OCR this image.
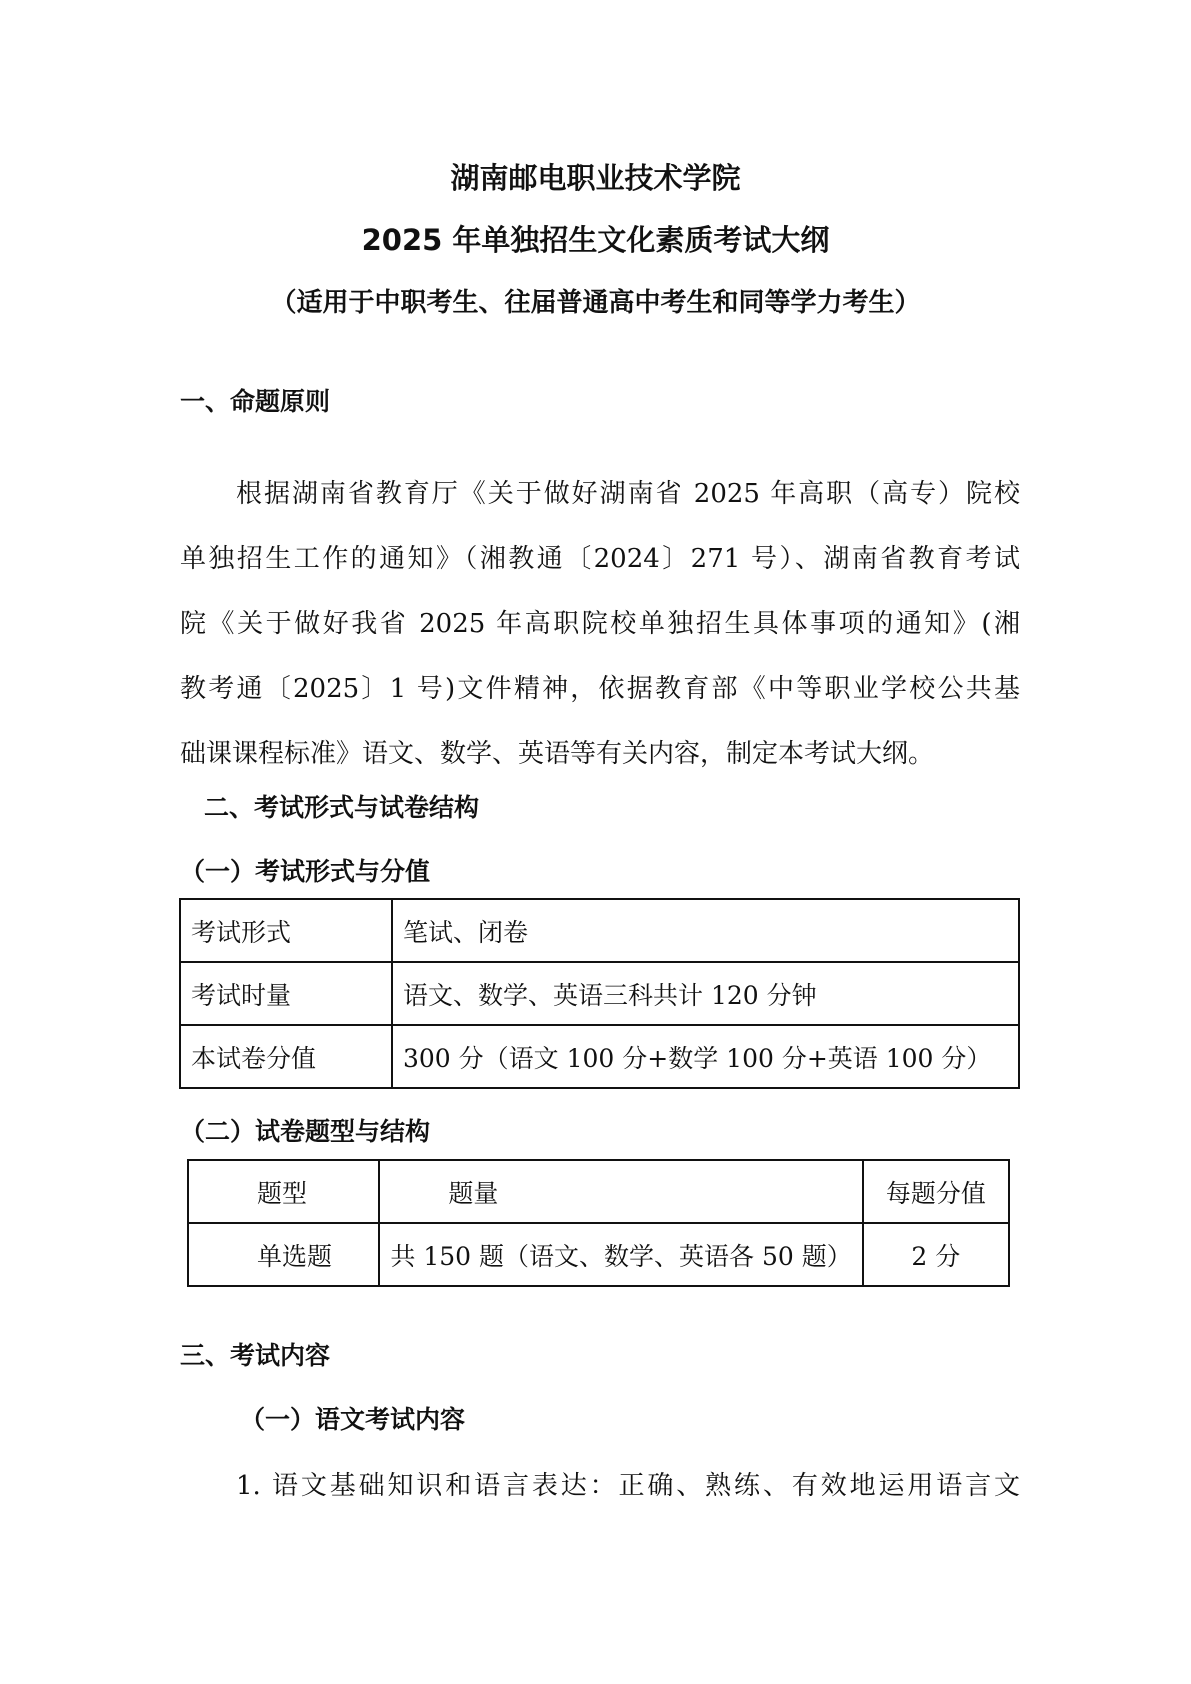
湖南邮电职业技术学院
2025 年单独招生文化素质考试大纲
（适用于中职考生、往届普通高中考生和同等学力考生）
一、命题原则
根据湖南省教育厅《关于做好湖南省 2025 年高职（高专）院校
单独招生工作的通知》（湘教通〔2024〕271 号）、湖南省教育考试
院《关于做好我省 2025 年高职院校单独招生具体事项的通知》(湘
教考通〔2025〕1 号)文件精神，依据教育部《中等职业学校公共基
础课课程标准》语文、数学、英语等有关内容，制定本考试大纲。
二、考试形式与试卷结构
（一）考试形式与分值
考试形式	笔试、闭卷
考试时量	语文、数学、英语三科共计 120 分钟
本试卷分值	300 分（语文 100 分+数学 100 分+英语 100 分）
（二）试卷题型与结构
题型	题量	每题分值
单选题	共 150 题（语文、数学、英语各 50 题）	2 分
三、考试内容
（一）语文考试内容
1. 语文基础知识和语言表达：正确、熟练、有效地运用语言文
